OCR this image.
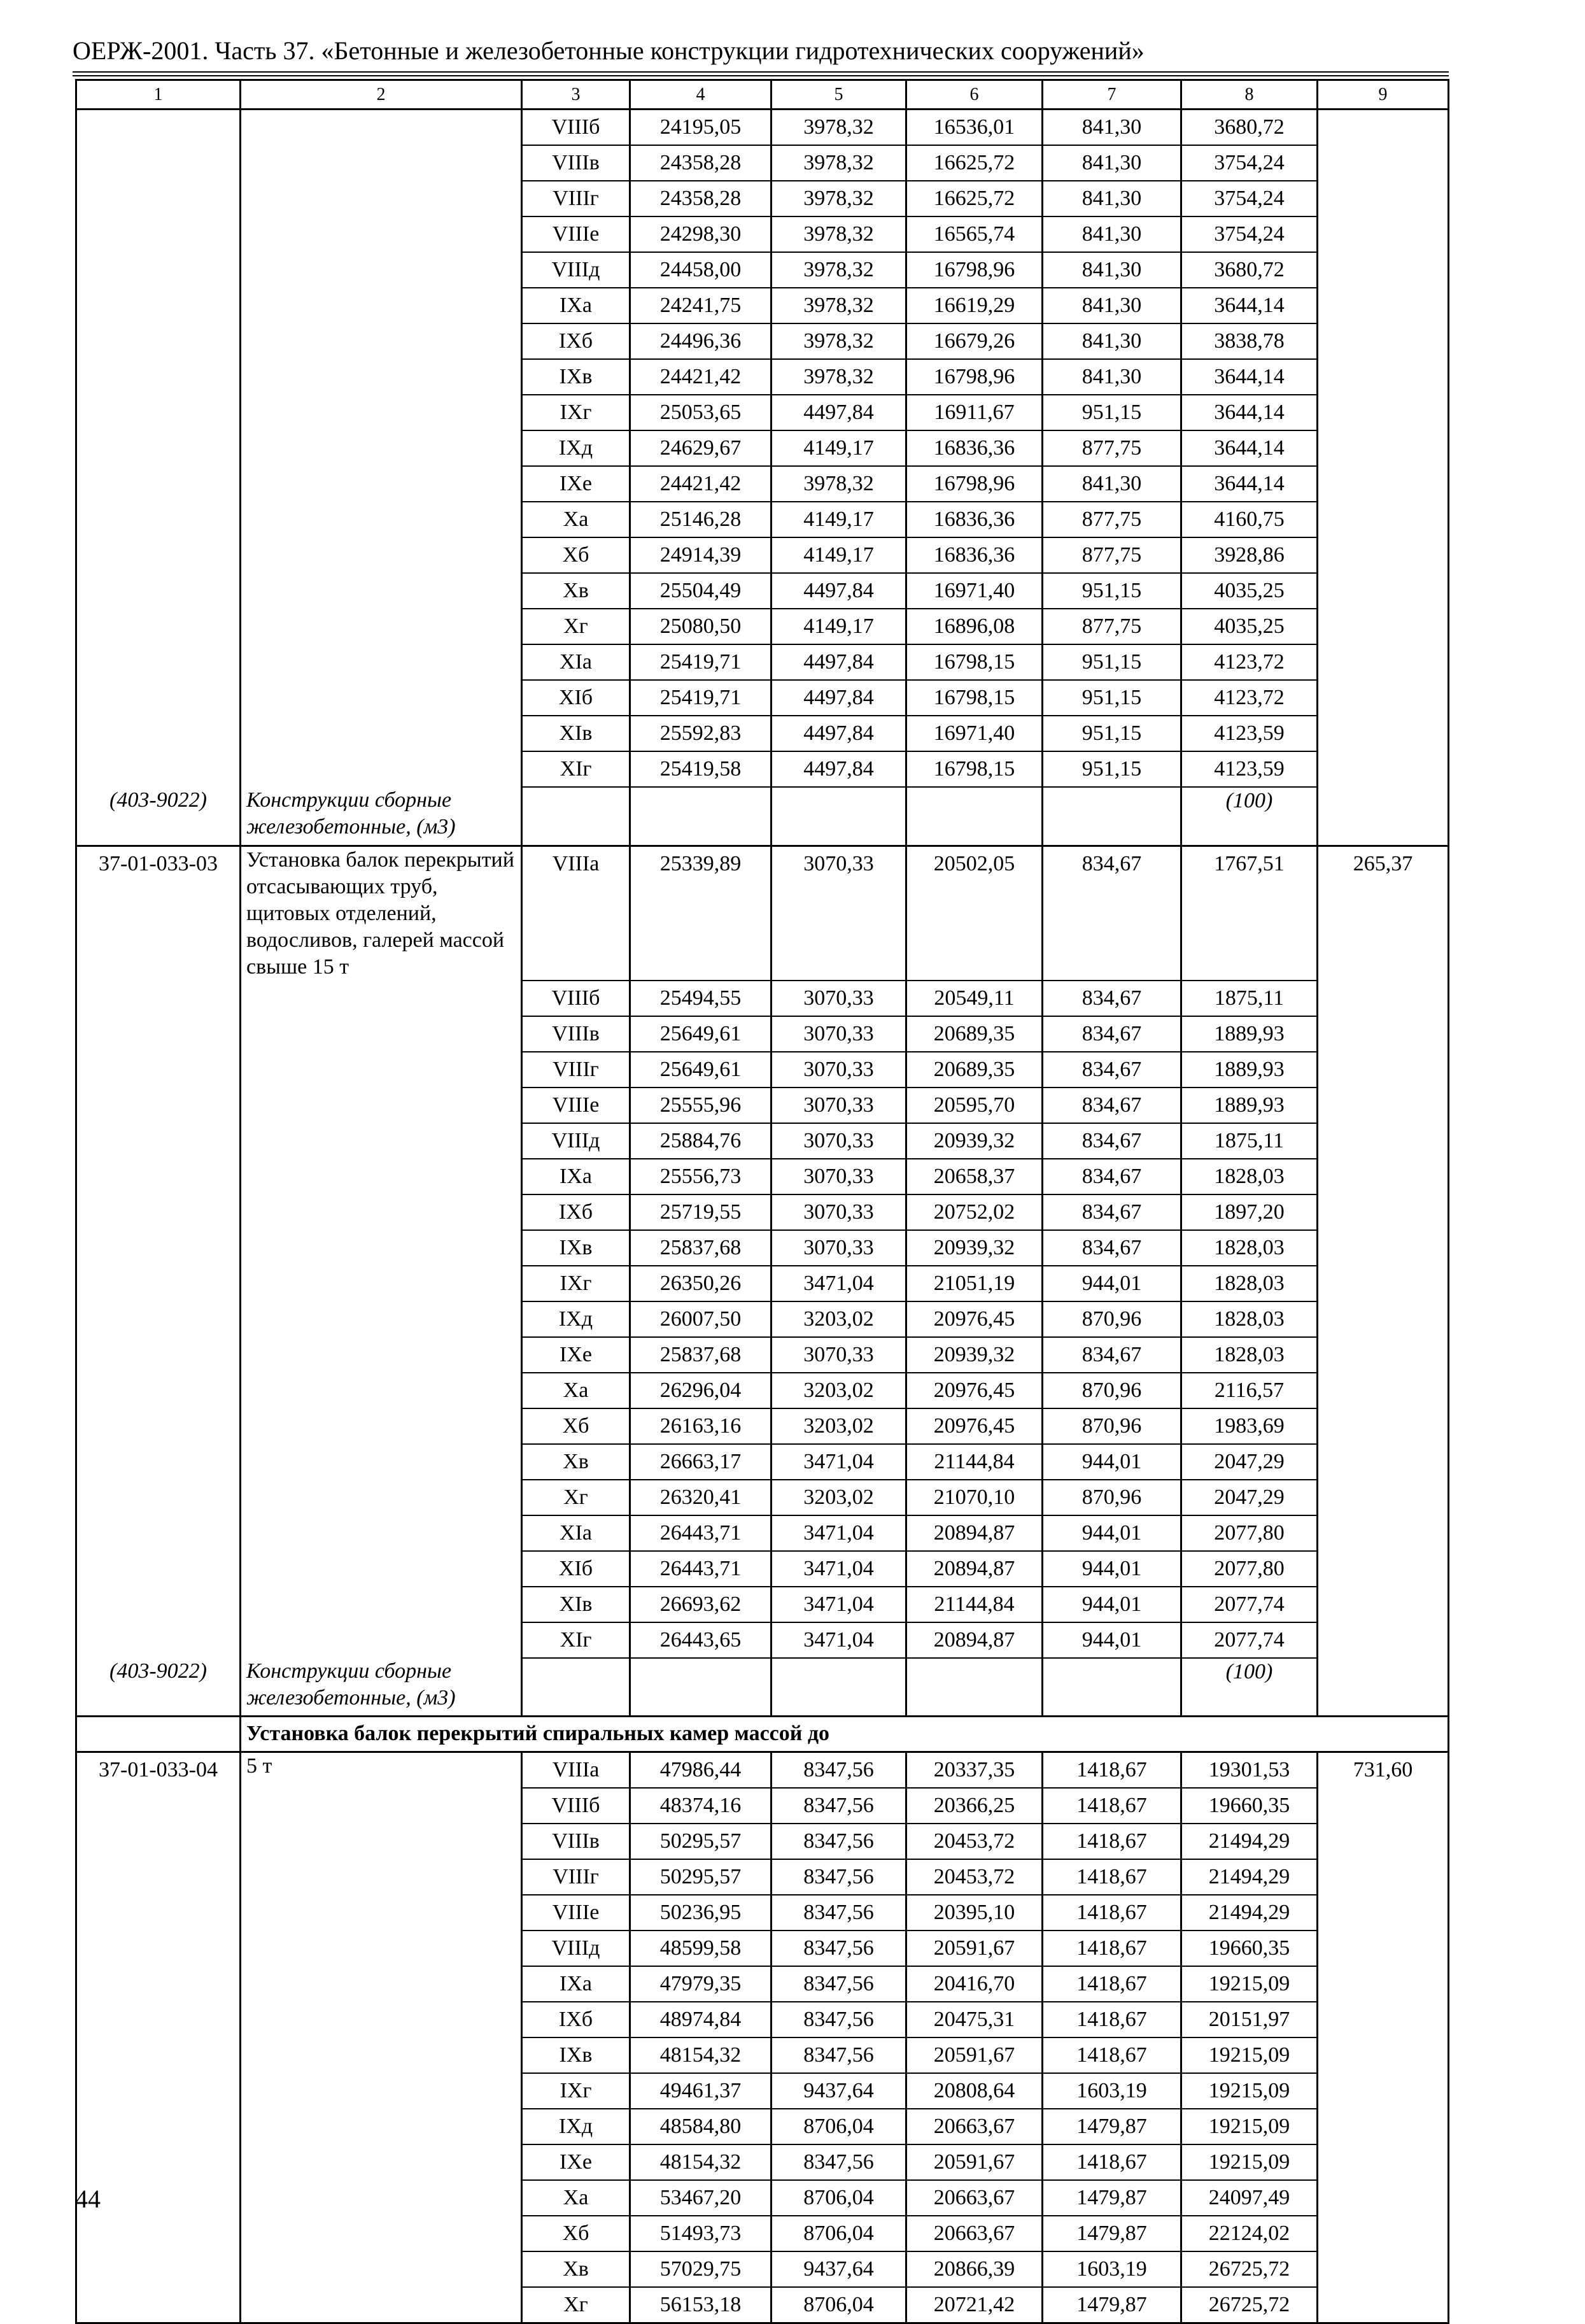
ОЕРЖ-2001. Часть 37. «Бетонные и железобетонные конструкции гидротехнических сооружений»
1	2	3	4	5	6	7	8	9
		VIIIб	24195,05	3978,32	16536,01	841,30	3680,72	
		VIIIв	24358,28	3978,32	16625,72	841,30	3754,24	
		VIIIг	24358,28	3978,32	16625,72	841,30	3754,24	
		VIIIе	24298,30	3978,32	16565,74	841,30	3754,24	
		VIIIд	24458,00	3978,32	16798,96	841,30	3680,72	
		IXа	24241,75	3978,32	16619,29	841,30	3644,14	
		IXб	24496,36	3978,32	16679,26	841,30	3838,78	
		IXв	24421,42	3978,32	16798,96	841,30	3644,14	
		IXг	25053,65	4497,84	16911,67	951,15	3644,14	
		IXд	24629,67	4149,17	16836,36	877,75	3644,14	
		IXе	24421,42	3978,32	16798,96	841,30	3644,14	
		Xа	25146,28	4149,17	16836,36	877,75	4160,75	
		Xб	24914,39	4149,17	16836,36	877,75	3928,86	
		Xв	25504,49	4497,84	16971,40	951,15	4035,25	
		Xг	25080,50	4149,17	16896,08	877,75	4035,25	
		XIа	25419,71	4497,84	16798,15	951,15	4123,72	
		XIб	25419,71	4497,84	16798,15	951,15	4123,72	
		XIв	25592,83	4497,84	16971,40	951,15	4123,59	
		XIг	25419,58	4497,84	16798,15	951,15	4123,59	
(403-9022)	Конструкции сборные железобетонные, (м3)						(100)	
37-01-033-03	Установка балок перекрытий отсасывающих труб, щитовых отделений, водосливов, галерей массой свыше 15 т	VIIIа	25339,89	3070,33	20502,05	834,67	1767,51	265,37
		VIIIб	25494,55	3070,33	20549,11	834,67	1875,11	
		VIIIв	25649,61	3070,33	20689,35	834,67	1889,93	
		VIIIг	25649,61	3070,33	20689,35	834,67	1889,93	
		VIIIе	25555,96	3070,33	20595,70	834,67	1889,93	
		VIIIд	25884,76	3070,33	20939,32	834,67	1875,11	
		IXа	25556,73	3070,33	20658,37	834,67	1828,03	
		IXб	25719,55	3070,33	20752,02	834,67	1897,20	
		IXв	25837,68	3070,33	20939,32	834,67	1828,03	
		IXг	26350,26	3471,04	21051,19	944,01	1828,03	
		IXд	26007,50	3203,02	20976,45	870,96	1828,03	
		IXе	25837,68	3070,33	20939,32	834,67	1828,03	
		Xа	26296,04	3203,02	20976,45	870,96	2116,57	
		Xб	26163,16	3203,02	20976,45	870,96	1983,69	
		Xв	26663,17	3471,04	21144,84	944,01	2047,29	
		Xг	26320,41	3203,02	21070,10	870,96	2047,29	
		XIа	26443,71	3471,04	20894,87	944,01	2077,80	
		XIб	26443,71	3471,04	20894,87	944,01	2077,80	
		XIв	26693,62	3471,04	21144,84	944,01	2077,74	
		XIг	26443,65	3471,04	20894,87	944,01	2077,74	
(403-9022)	Конструкции сборные железобетонные, (м3)						(100)	
	Установка балок перекрытий спиральных камер массой до							
37-01-033-04	5 т	VIIIа	47986,44	8347,56	20337,35	1418,67	19301,53	731,60
		VIIIб	48374,16	8347,56	20366,25	1418,67	19660,35	
		VIIIв	50295,57	8347,56	20453,72	1418,67	21494,29	
		VIIIг	50295,57	8347,56	20453,72	1418,67	21494,29	
		VIIIе	50236,95	8347,56	20395,10	1418,67	21494,29	
		VIIIд	48599,58	8347,56	20591,67	1418,67	19660,35	
		IXа	47979,35	8347,56	20416,70	1418,67	19215,09	
		IXб	48974,84	8347,56	20475,31	1418,67	20151,97	
		IXв	48154,32	8347,56	20591,67	1418,67	19215,09	
		IXг	49461,37	9437,64	20808,64	1603,19	19215,09	
		IXд	48584,80	8706,04	20663,67	1479,87	19215,09	
		IXе	48154,32	8347,56	20591,67	1418,67	19215,09	
		Xа	53467,20	8706,04	20663,67	1479,87	24097,49	
		Xб	51493,73	8706,04	20663,67	1479,87	22124,02	
		Xв	57029,75	9437,64	20866,39	1603,19	26725,72	
		Xг	56153,18	8706,04	20721,42	1479,87	26725,72	
44
